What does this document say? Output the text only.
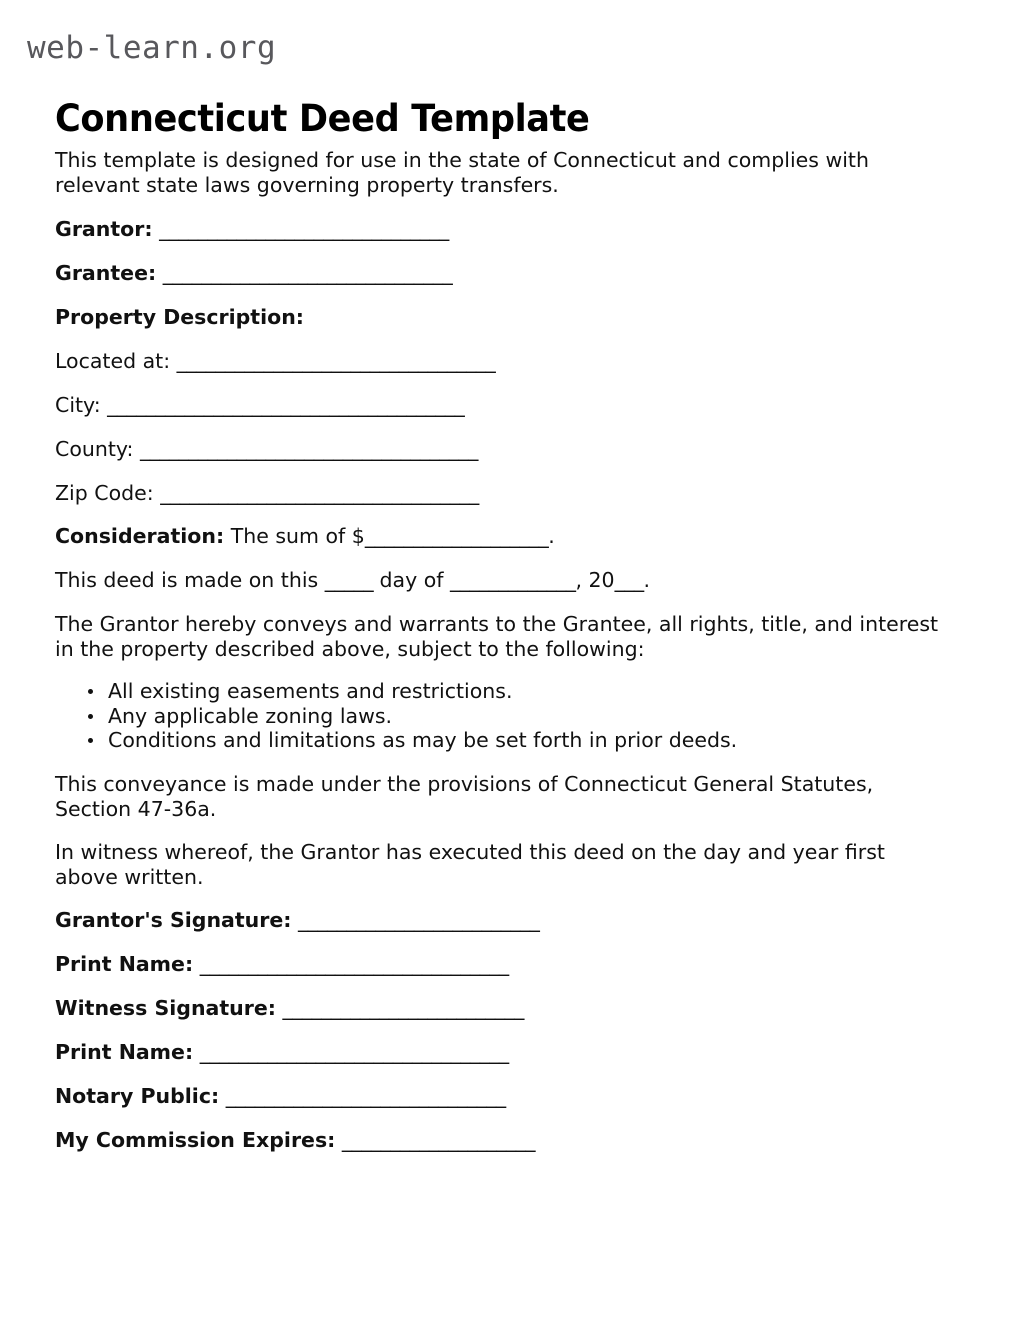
web-learn.org
Connecticut Deed Template
This template is designed for use in the state of Connecticut and complies with relevant state laws governing property transfers.
Grantor: ______________________________
Grantee: ______________________________
Property Description:
Located at: _________________________________
City: _____________________________________
County: ___________________________________
Zip Code: _________________________________
Consideration: The sum of $___________________.
This deed is made on this _____ day of _____________, 20___.
The Grantor hereby conveys and warrants to the Grantee, all rights, title, and interest in the property described above, subject to the following:
All existing easements and restrictions.
Any applicable zoning laws.
Conditions and limitations as may be set forth in prior deeds.
This conveyance is made under the provisions of Connecticut General Statutes, Section 47-36a.
In witness whereof, the Grantor has executed this deed on the day and year first above written.
Grantor's Signature: _________________________
Print Name: ________________________________
Witness Signature: _________________________
Print Name: ________________________________
Notary Public: _____________________________
My Commission Expires: ____________________
